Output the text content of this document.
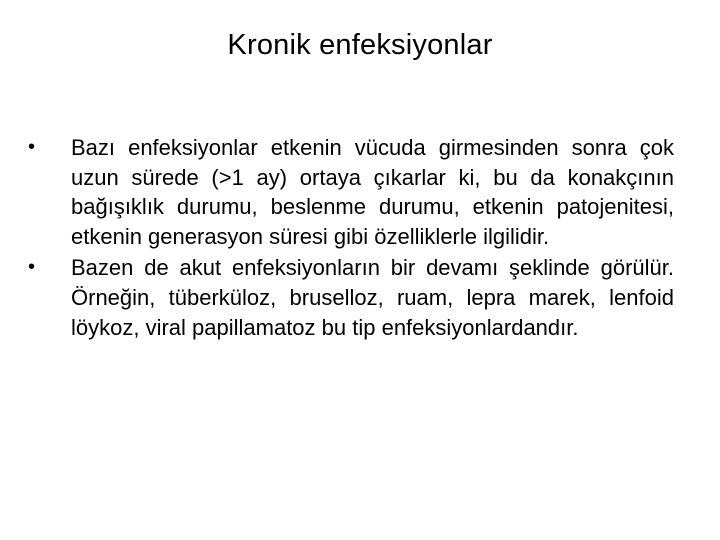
Kronik enfeksiyonlar
•	Bazı enfeksiyonlar etkenin vücuda girmesinden sonra çok uzun sürede (>1 ay) ortaya çıkarlar ki, bu da konakçının bağışıklık durumu, beslenme durumu, etkenin patojenitesi, etkenin generasyon süresi gibi özelliklerle ilgilidir.
•	Bazen de akut enfeksiyonların bir devamı şeklinde görülür. Örneğin, tüberküloz, bruselloz, ruam, lepra marek, lenfoid löykoz, viral papillamatoz bu tip enfeksiyonlardandır.
